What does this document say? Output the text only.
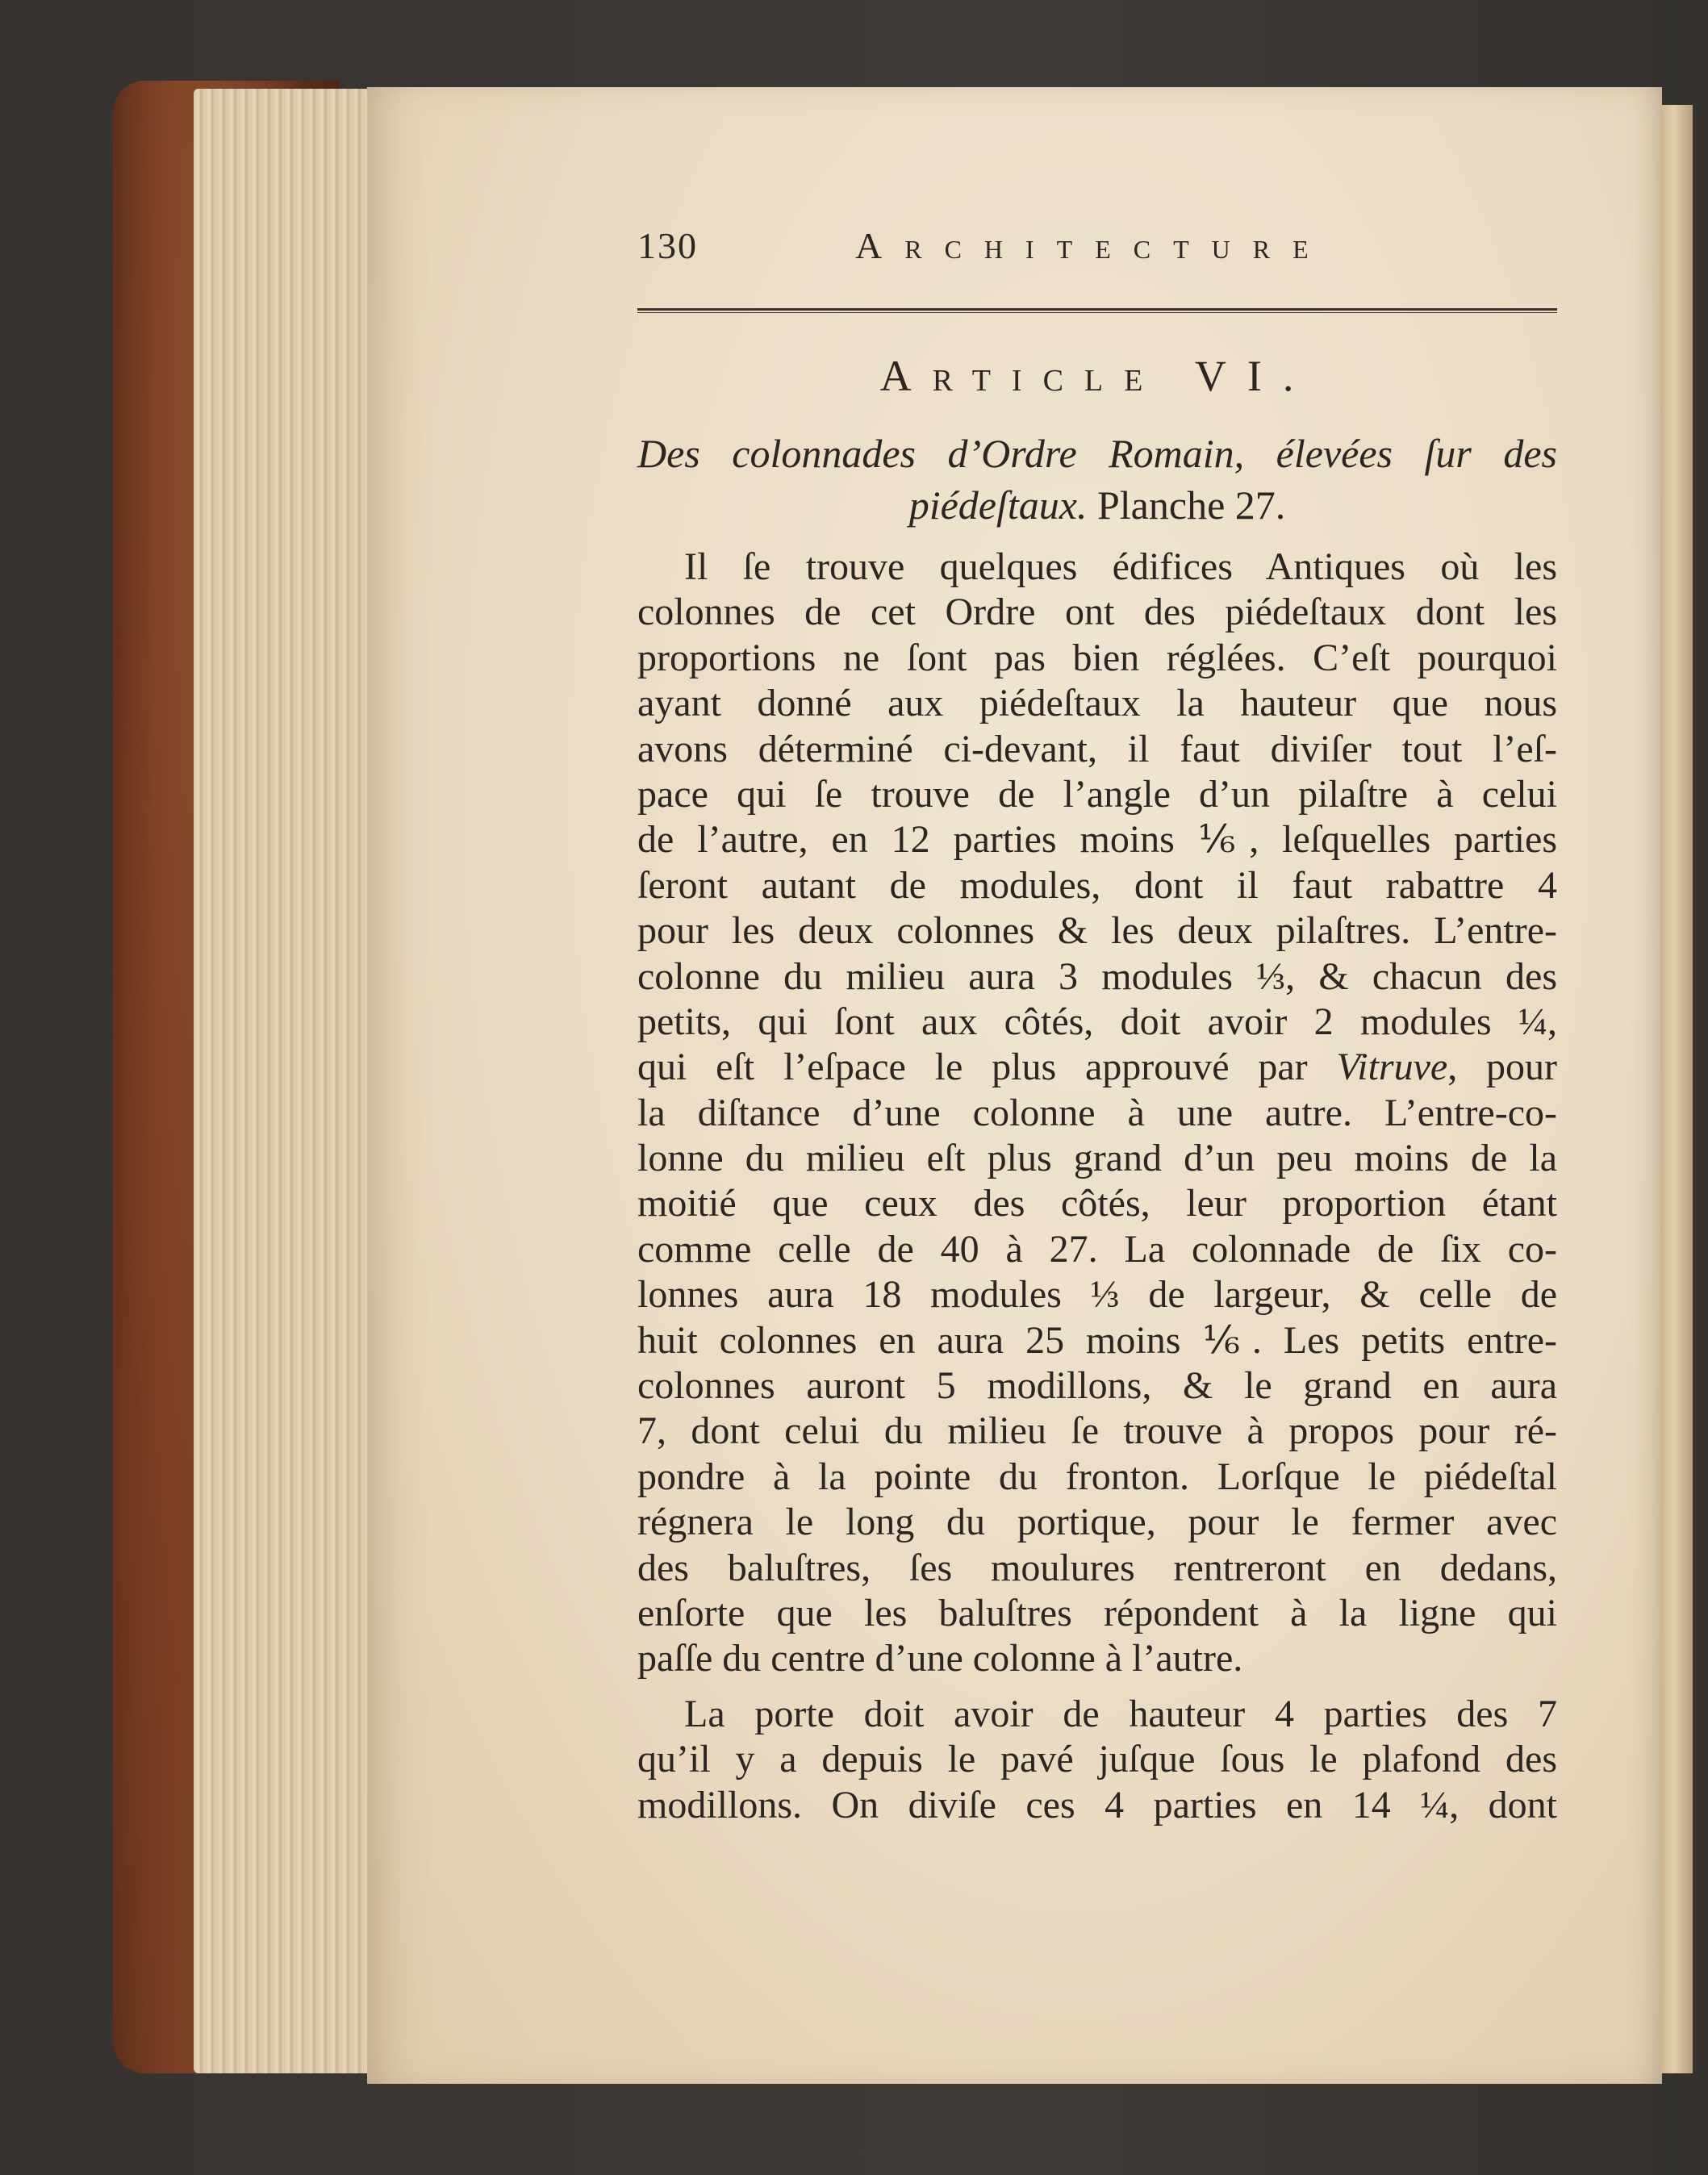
130	Architecture
Article VI.
Des colonnades d’Ordre Romain, élevées ſur des
piédeſtaux. Planche 27.
Il ſe trouve quelques édifices Antiques où les
colonnes de cet Ordre ont des piédeſtaux dont les
proportions ne ſont pas bien réglées. C’eſt pourquoi
ayant donné aux piédeſtaux la hauteur que nous
avons déterminé ci-devant, il faut diviſer tout l’eſ-
pace qui ſe trouve de l’angle d’un pilaſtre à celui
de l’autre, en 12 parties moins ⅙, leſquelles parties
ſeront autant de modules, dont il faut rabattre 4
pour les deux colonnes & les deux pilaſtres. L’entre-
colonne du milieu aura 3 modules ⅓, & chacun des
petits, qui ſont aux côtés, doit avoir 2 modules ¼,
qui eſt l’eſpace le plus approuvé par Vitruve, pour
la diſtance d’une colonne à une autre. L’entre-co-
lonne du milieu eſt plus grand d’un peu moins de la
moitié que ceux des côtés, leur proportion étant
comme celle de 40 à 27. La colonnade de ſix co-
lonnes aura 18 modules ⅓ de largeur, & celle de
huit colonnes en aura 25 moins ⅙. Les petits entre-
colonnes auront 5 modillons, & le grand en aura
7, dont celui du milieu ſe trouve à propos pour ré-
pondre à la pointe du fronton. Lorſque le piédeſtal
régnera le long du portique, pour le fermer avec
des baluſtres, ſes moulures rentreront en dedans,
enſorte que les baluſtres répondent à la ligne qui
paſſe du centre d’une colonne à l’autre.
La porte doit avoir de hauteur 4 parties des 7
qu’il y a depuis le pavé juſque ſous le plafond des
modillons. On diviſe ces 4 parties en 14 ¼, dont
